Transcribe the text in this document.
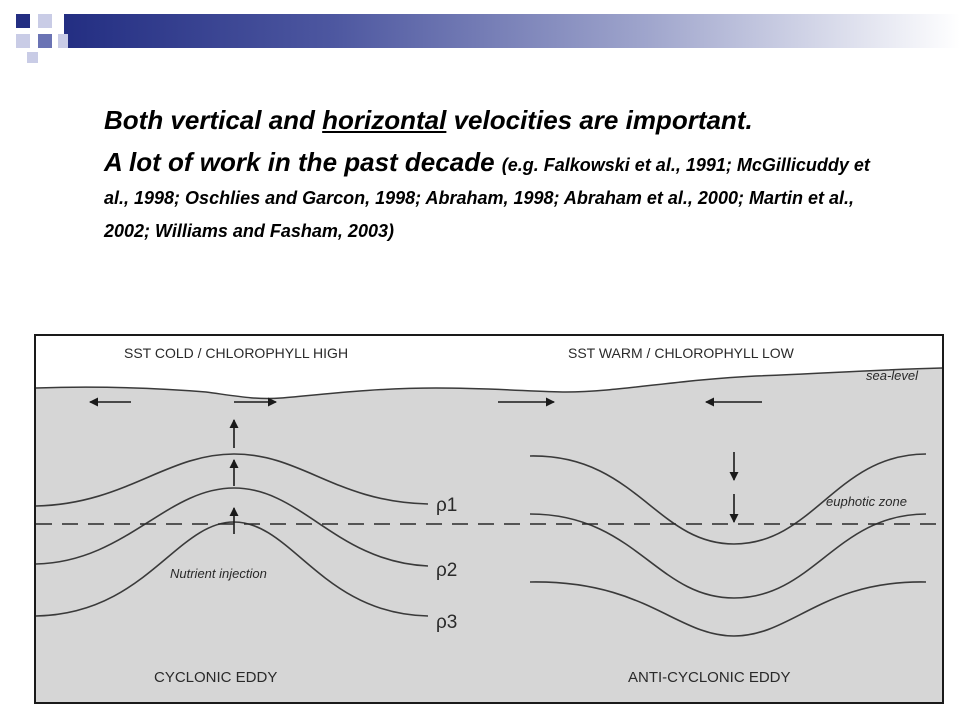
Both vertical and horizontal velocities are important.

A lot of work in the past decade (e.g. Falkowski et al., 1991; McGillicuddy et al., 1998; Oschlies and Garcon, 1998; Abraham, 1998; Abraham et al., 2000; Martin et al., 2002; Williams and Fasham, 2003)

SST COLD / CHLOROPHYLL HIGH	SST WARM / CHLOROPHYLL LOW
sea-level
ρ1
ρ2
ρ3
Nutrient injection
euphotic zone
CYCLONIC EDDY	ANTI-CYCLONIC EDDY
